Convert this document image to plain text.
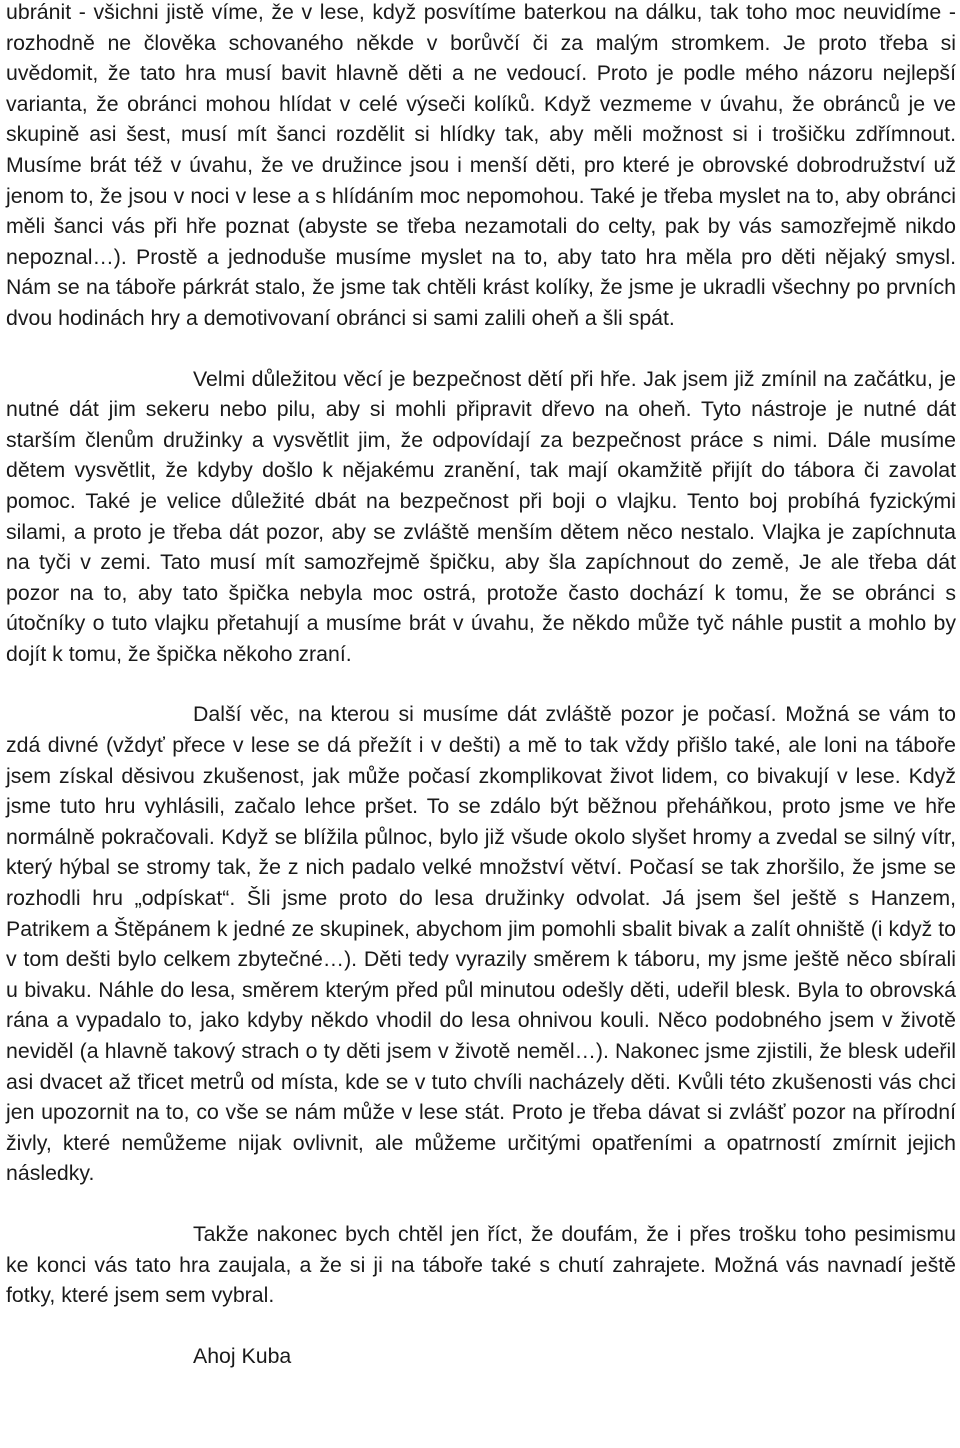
ubránit - všichni jistě víme, že v lese, když posvítíme baterkou na dálku, tak toho moc neuvidíme - rozhodně ne člověka schovaného někde v borůvčí či za malým stromkem. Je proto třeba si uvědomit, že tato hra musí bavit hlavně děti a ne vedoucí. Proto je podle mého názoru nejlepší varianta, že obránci mohou hlídat v celé výseči kolíků. Když vezmeme v úvahu, že obránců je ve skupině asi šest, musí mít šanci rozdělit si hlídky tak, aby měli možnost si i trošičku zdřímnout. Musíme brát též v úvahu, že ve družince jsou i menší děti, pro které je obrovské dobrodružství už jenom to, že jsou v noci v lese a s hlídáním moc nepomohou. Také je třeba myslet na to, aby obránci měli šanci vás při hře poznat (abyste se třeba nezamotali do celty, pak by vás samozřejmě nikdo nepoznal…). Prostě a jednoduše musíme myslet na to, aby tato hra měla pro děti nějaký smysl. Nám se na táboře párkrát stalo, že jsme tak chtěli krást kolíky, že jsme je ukradli všechny po prvních dvou hodinách hry a demotivovaní obránci si sami zalili oheň a šli spát.

Velmi důležitou věcí je bezpečnost dětí při hře. Jak jsem již zmínil na začátku, je nutné dát jim sekeru nebo pilu, aby si mohli připravit dřevo na oheň. Tyto nástroje je nutné dát starším členům družinky a vysvětlit jim, že odpovídají za bezpečnost práce s nimi. Dále musíme dětem vysvětlit, že kdyby došlo k nějakému zranění, tak mají okamžitě přijít do tábora či zavolat pomoc. Také je velice důležité dbát na bezpečnost při boji o vlajku. Tento boj probíhá fyzickými silami, a proto je třeba dát pozor, aby se zvláště menším dětem něco nestalo. Vlajka je zapíchnuta na tyči v zemi. Tato musí mít samozřejmě špičku, aby šla zapíchnout do země, Je ale třeba dát pozor na to, aby tato špička nebyla moc ostrá, protože často dochází k tomu, že se obránci s útočníky o tuto vlajku přetahují a musíme brát v úvahu, že někdo může tyč náhle pustit a mohlo by dojít k tomu, že špička někoho zraní.

Další věc, na kterou si musíme dát zvláště pozor je počasí. Možná se vám to zdá divné (vždyť přece v lese se dá přežít i v dešti) a mě to tak vždy přišlo také, ale loni na táboře jsem získal děsivou zkušenost, jak může počasí zkomplikovat život lidem, co bivakují v lese. Když jsme tuto hru vyhlásili, začalo lehce pršet. To se zdálo být běžnou přeháňkou, proto jsme ve hře normálně pokračovali. Když se blížila půlnoc, bylo již všude okolo slyšet hromy a zvedal se silný vítr, který hýbal se stromy tak, že z nich padalo velké množství větví. Počasí se tak zhoršilo, že jsme se rozhodli hru „odpískat“. Šli jsme proto do lesa družinky odvolat. Já jsem šel ještě s Hanzem, Patrikem a Štěpánem k jedné ze skupinek, abychom jim pomohli sbalit bivak a zalít ohniště (i když to v tom dešti bylo celkem zbytečné…). Děti tedy vyrazily směrem k táboru, my jsme ještě něco sbírali u bivaku. Náhle do lesa, směrem kterým před půl minutou odešly děti, udeřil blesk. Byla to obrovská rána a vypadalo to, jako kdyby někdo vhodil do lesa ohnivou kouli. Něco podobného jsem v životě neviděl (a hlavně takový strach o ty děti jsem v životě neměl…). Nakonec jsme zjistili, že blesk udeřil asi dvacet až třicet metrů od místa, kde se v tuto chvíli nacházely děti. Kvůli této zkušenosti vás chci jen upozornit na to, co vše se nám může v lese stát. Proto je třeba dávat si zvlášť pozor na přírodní živly, které nemůžeme nijak ovlivnit, ale můžeme určitými opatřeními a opatrností zmírnit jejich následky.

Takže nakonec bych chtěl jen říct, že doufám, že i přes trošku toho pesimismu ke konci vás tato hra zaujala, a že si ji na táboře také s chutí zahrajete. Možná vás navnadí ještě fotky, které jsem sem vybral.

Ahoj Kuba
